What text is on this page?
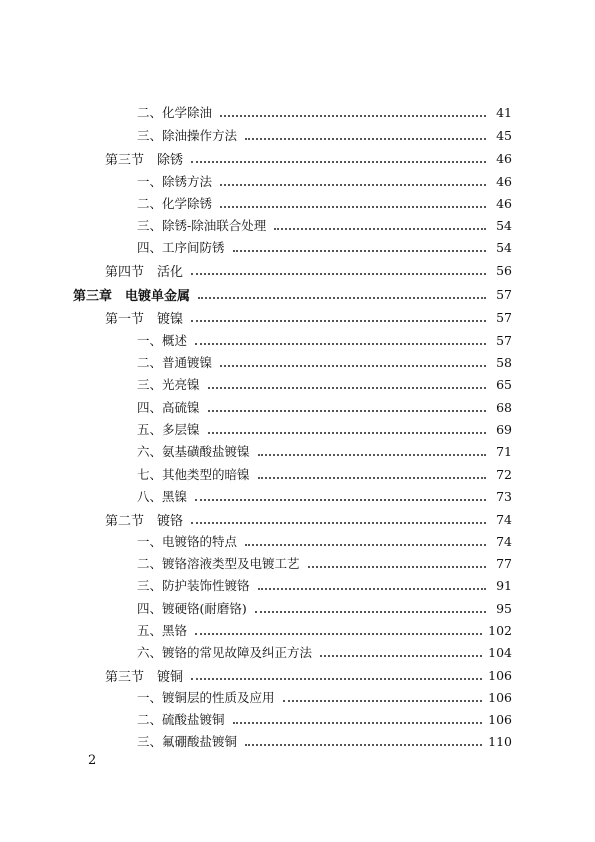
二、化学除油	41
三、除油操作方法	45
第三节　除锈	46
一、除锈方法	46
二、化学除锈	46
三、除锈-除油联合处理	54
四、工序间防锈	54
第四节　活化	56
第三章　电镀单金属	57
第一节　镀镍	57
一、概述	57
二、普通镀镍	58
三、光亮镍	65
四、高硫镍	68
五、多层镍	69
六、氨基磺酸盐镀镍	71
七、其他类型的暗镍	72
八、黑镍	73
第二节　镀铬	74
一、电镀铬的特点	74
二、镀铬溶液类型及电镀工艺	77
三、防护装饰性镀铬	91
四、镀硬铬(耐磨铬)	95
五、黑铬	102
六、镀铬的常见故障及纠正方法	104
第三节　镀铜	106
一、镀铜层的性质及应用	106
二、硫酸盐镀铜	106
三、氟硼酸盐镀铜	110
2
